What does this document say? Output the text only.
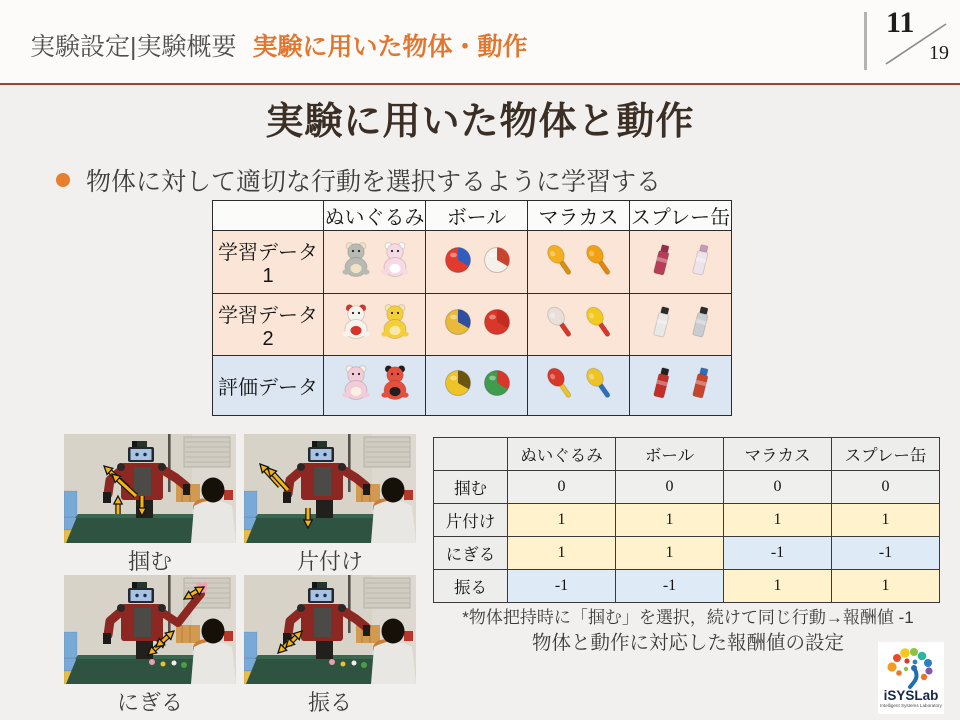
実験設定|実験概要 実験に用いた物体・動作
11
19
実験に用いた物体と動作
物体に対して適切な行動を選択するように学習する
	ぬいぐるみ	ボール	マラカス	スプレー缶
学習データ1				
学習データ2				
評価データ				
掴む	片付け
にぎる	振る
	ぬいぐるみ	ボール	マラカス	スプレー缶
掴む	0	0	0	0
片付け	1	1	1	1
にぎる	1	1	-1	-1
振る	-1	-1	1	1
*物体把持時に「掴む」を選択，続けて同じ行動→報酬値 -1
物体と動作に対応した報酬値の設定
iSYSLab
Intelligent Systems Laboratory
